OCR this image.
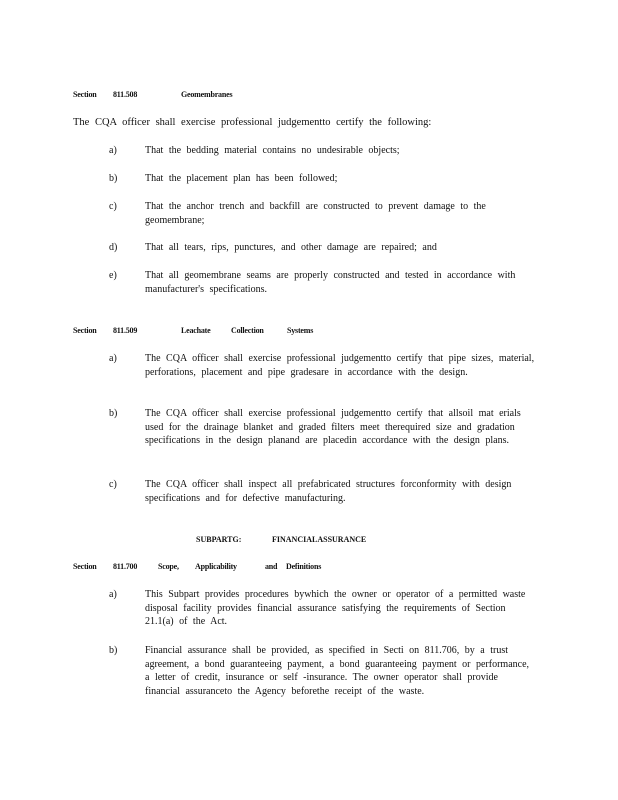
Section 811.508	Geomembranes
The CQA officer shall exercise professional judgementto certify the following:
a)	That the bedding material contains no undesirable objects;
b)	That the placement plan has been followed;
c)	That the anchor trench and backfill are constructed to prevent damage to the geomembrane;
d)	That all tears, rips, punctures, and other damage are repaired; and
e)	That all geomembrane seams are properly constructed and tested in accordance with manufacturer's specifications.
Section 811.509	Leachate	Collection	Systems
a)	The CQA officer shall exercise professional judgementto certify that pipe sizes, material, perforations, placement and pipe gradesare in accordance with the design.
b)	The CQA officer shall exercise professional judgementto certify that allsoil mat erials used for the drainage blanket and graded filters meet therequired size and gradation specifications in the design planand are placedin accordance with the design plans.
c)	The CQA officer shall inspect all prefabricated structures forconformity with design specifications and for defective manufacturing.
SUBPARTG:	FINANCIALASSURANCE
Section 811.700	Scope, Applicability	and Definitions
a)	This Subpart provides procedures bywhich the owner or operator of a permitted waste disposal facility provides financial assurance satisfying the requirements of Section 21.1(a) of the Act.
b)	Financial assurance shall be provided, as specified in Secti on 811.706, by a trust agreement, a bond guaranteeing payment, a bond guaranteeing payment or performance, a letter of credit, insurance or self -insurance. The owner operator shall provide financial assuranceto the Agency beforethe receipt of the waste.
